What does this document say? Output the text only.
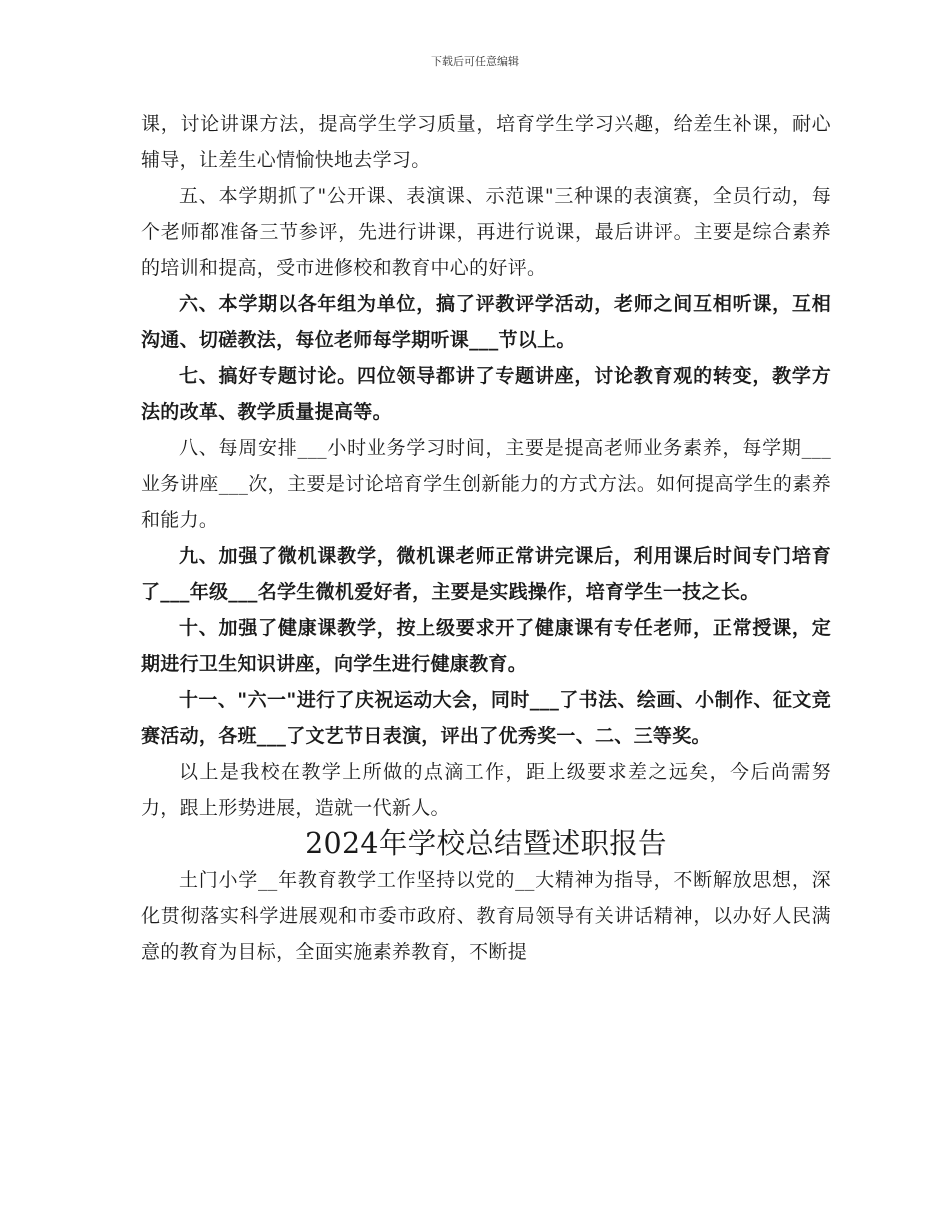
下载后可任意编辑

课，讨论讲课方法，提高学生学习质量，培育学生学习兴趣，给差生补课，耐心辅导，让差生心情愉快地去学习。

五、本学期抓了"公开课、表演课、示范课"三种课的表演赛，全员行动，每个老师都准备三节参评，先进行讲课，再进行说课，最后讲评。主要是综合素养的培训和提高，受市进修校和教育中心的好评。

六、本学期以各年组为单位，搞了评教评学活动，老师之间互相听课，互相沟通、切磋教法，每位老师每学期听课___节以上。

七、搞好专题讨论。四位领导都讲了专题讲座，讨论教育观的转变，教学方法的改革、教学质量提高等。

八、每周安排___小时业务学习时间，主要是提高老师业务素养，每学期___业务讲座___次，主要是讨论培育学生创新能力的方式方法。如何提高学生的素养和能力。

九、加强了微机课教学，微机课老师正常讲完课后，利用课后时间专门培育了___年级___名学生微机爱好者，主要是实践操作，培育学生一技之长。

十、加强了健康课教学，按上级要求开了健康课有专任老师，正常授课，定期进行卫生知识讲座，向学生进行健康教育。

十一、"六一"进行了庆祝运动大会，同时___了书法、绘画、小制作、征文竞赛活动，各班___了文艺节日表演，评出了优秀奖一、二、三等奖。

以上是我校在教学上所做的点滴工作，距上级要求差之远矣，今后尚需努力，跟上形势进展，造就一代新人。

2024年学校总结暨述职报告

土门小学__年教育教学工作坚持以党的__大精神为指导，不断解放思想，深化贯彻落实科学进展观和市委市政府、教育局领导有关讲话精神，以办好人民满意的教育为目标，全面实施素养教育，不断提
